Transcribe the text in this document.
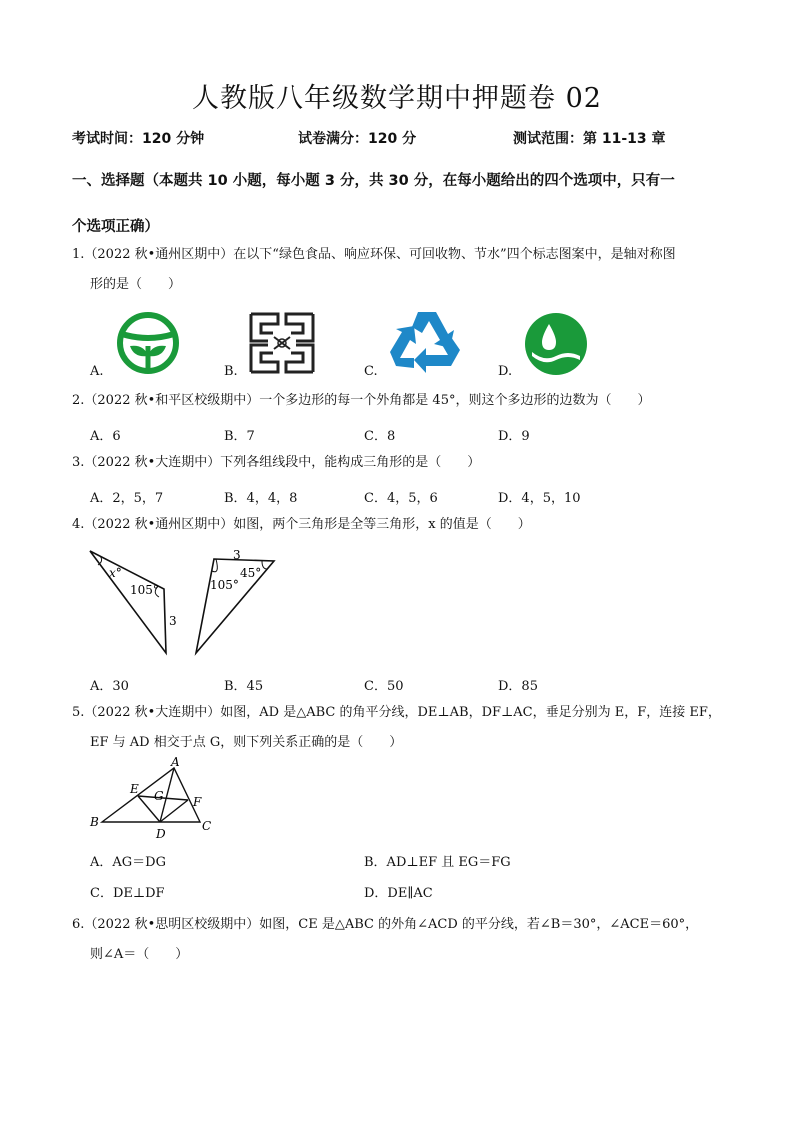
人教版八年级数学期中押题卷 02
考试时间：120 分钟	试卷满分：120 分	测试范围：第 11-13 章
一、选择题（本题共 10 小题，每小题 3 分，共 30 分，在每小题给出的四个选项中，只有一
个选项正确）
1.（2022 秋•通州区期中）在以下“绿色食品、响应环保、可回收物、节水”四个标志图案中，是轴对称图
形的是（　　）
A.	B.	C.	D.
2.（2022 秋•和平区校级期中）一个多边形的每一个外角都是 45°，则这个多边形的边数为（　　）
A．6	B．7	C．8	D．9
3.（2022 秋•大连期中）下列各组线段中，能构成三角形的是（　　）
A．2，5，7	B．4，4，8	C．4，5，6	D．4，5，10
4.（2022 秋•通州区期中）如图，两个三角形是全等三角形，x 的值是（　　）
x°
105°
3
3
105°
45°
A．30	B．45	C．50	D．85
5.（2022 秋•大连期中）如图，AD 是△ABC 的角平分线，DE⊥AB，DF⊥AC，垂足分别为 E，F，连接 EF，
EF 与 AD 相交于点 G，则下列关系正确的是（　　）
A
E G F
B
D
C
A．AG＝DG	B．AD⊥EF 且 EG＝FG
C．DE⊥DF	D．DE∥AC
6.（2022 秋•思明区校级期中）如图，CE 是△ABC 的外角∠ACD 的平分线，若∠B＝30°，∠ACE＝60°，
则∠A＝（　　）
